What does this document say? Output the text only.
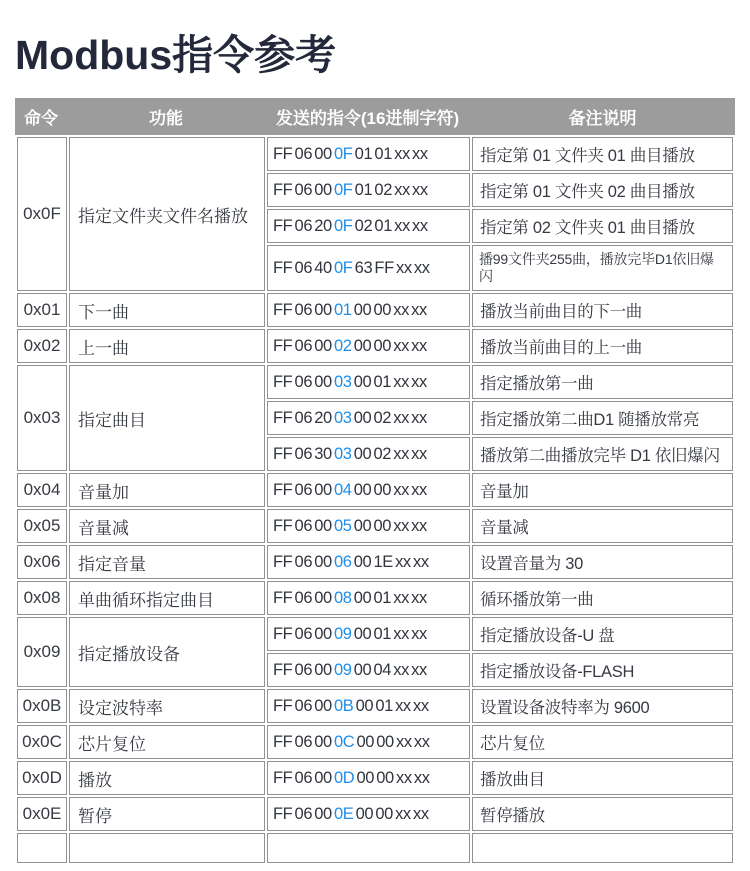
Modbus指令参考
命令	功能	发送的指令(16进制字符)	备注说明
0x0F	指定文件夹文件名播放	FF 06 00 0F 01 01 xx xx	指定第 01 文件夹 01 曲目播放
		FF 06 00 0F 01 02 xx xx	指定第 01 文件夹 02 曲目播放
		FF 06 20 0F 02 01 xx xx	指定第 02 文件夹 01 曲目播放
		FF 06 40 0F 63 FF xx xx	播99文件夹255曲，播放完毕D1依旧爆闪
0x01	下一曲	FF 06 00 01 00 00 xx xx	播放当前曲目的下一曲
0x02	上一曲	FF 06 00 02 00 00 xx xx	播放当前曲目的上一曲
0x03	指定曲目	FF 06 00 03 00 01 xx xx	指定播放第一曲
		FF 06 20 03 00 02 xx xx	指定播放第二曲D1 随播放常亮
		FF 06 30 03 00 02 xx xx	播放第二曲播放完毕 D1 依旧爆闪
0x04	音量加	FF 06 00 04 00 00 xx xx	音量加
0x05	音量减	FF 06 00 05 00 00 xx xx	音量减
0x06	指定音量	FF 06 00 06 00 1E xx xx	设置音量为 30
0x08	单曲循环指定曲目	FF 06 00 08 00 01 xx xx	循环播放第一曲
0x09	指定播放设备	FF 06 00 09 00 01 xx xx	指定播放设备-U 盘
		FF 06 00 09 00 04 xx xx	指定播放设备-FLASH
0x0B	设定波特率	FF 06 00 0B 00 01 xx xx	设置设备波特率为 9600
0x0C	芯片复位	FF 06 00 0C 00 00 xx xx	芯片复位
0x0D	播放	FF 06 00 0D 00 00 xx xx	播放曲目
0x0E	暂停	FF 06 00 0E 00 00 xx xx	暂停播放
